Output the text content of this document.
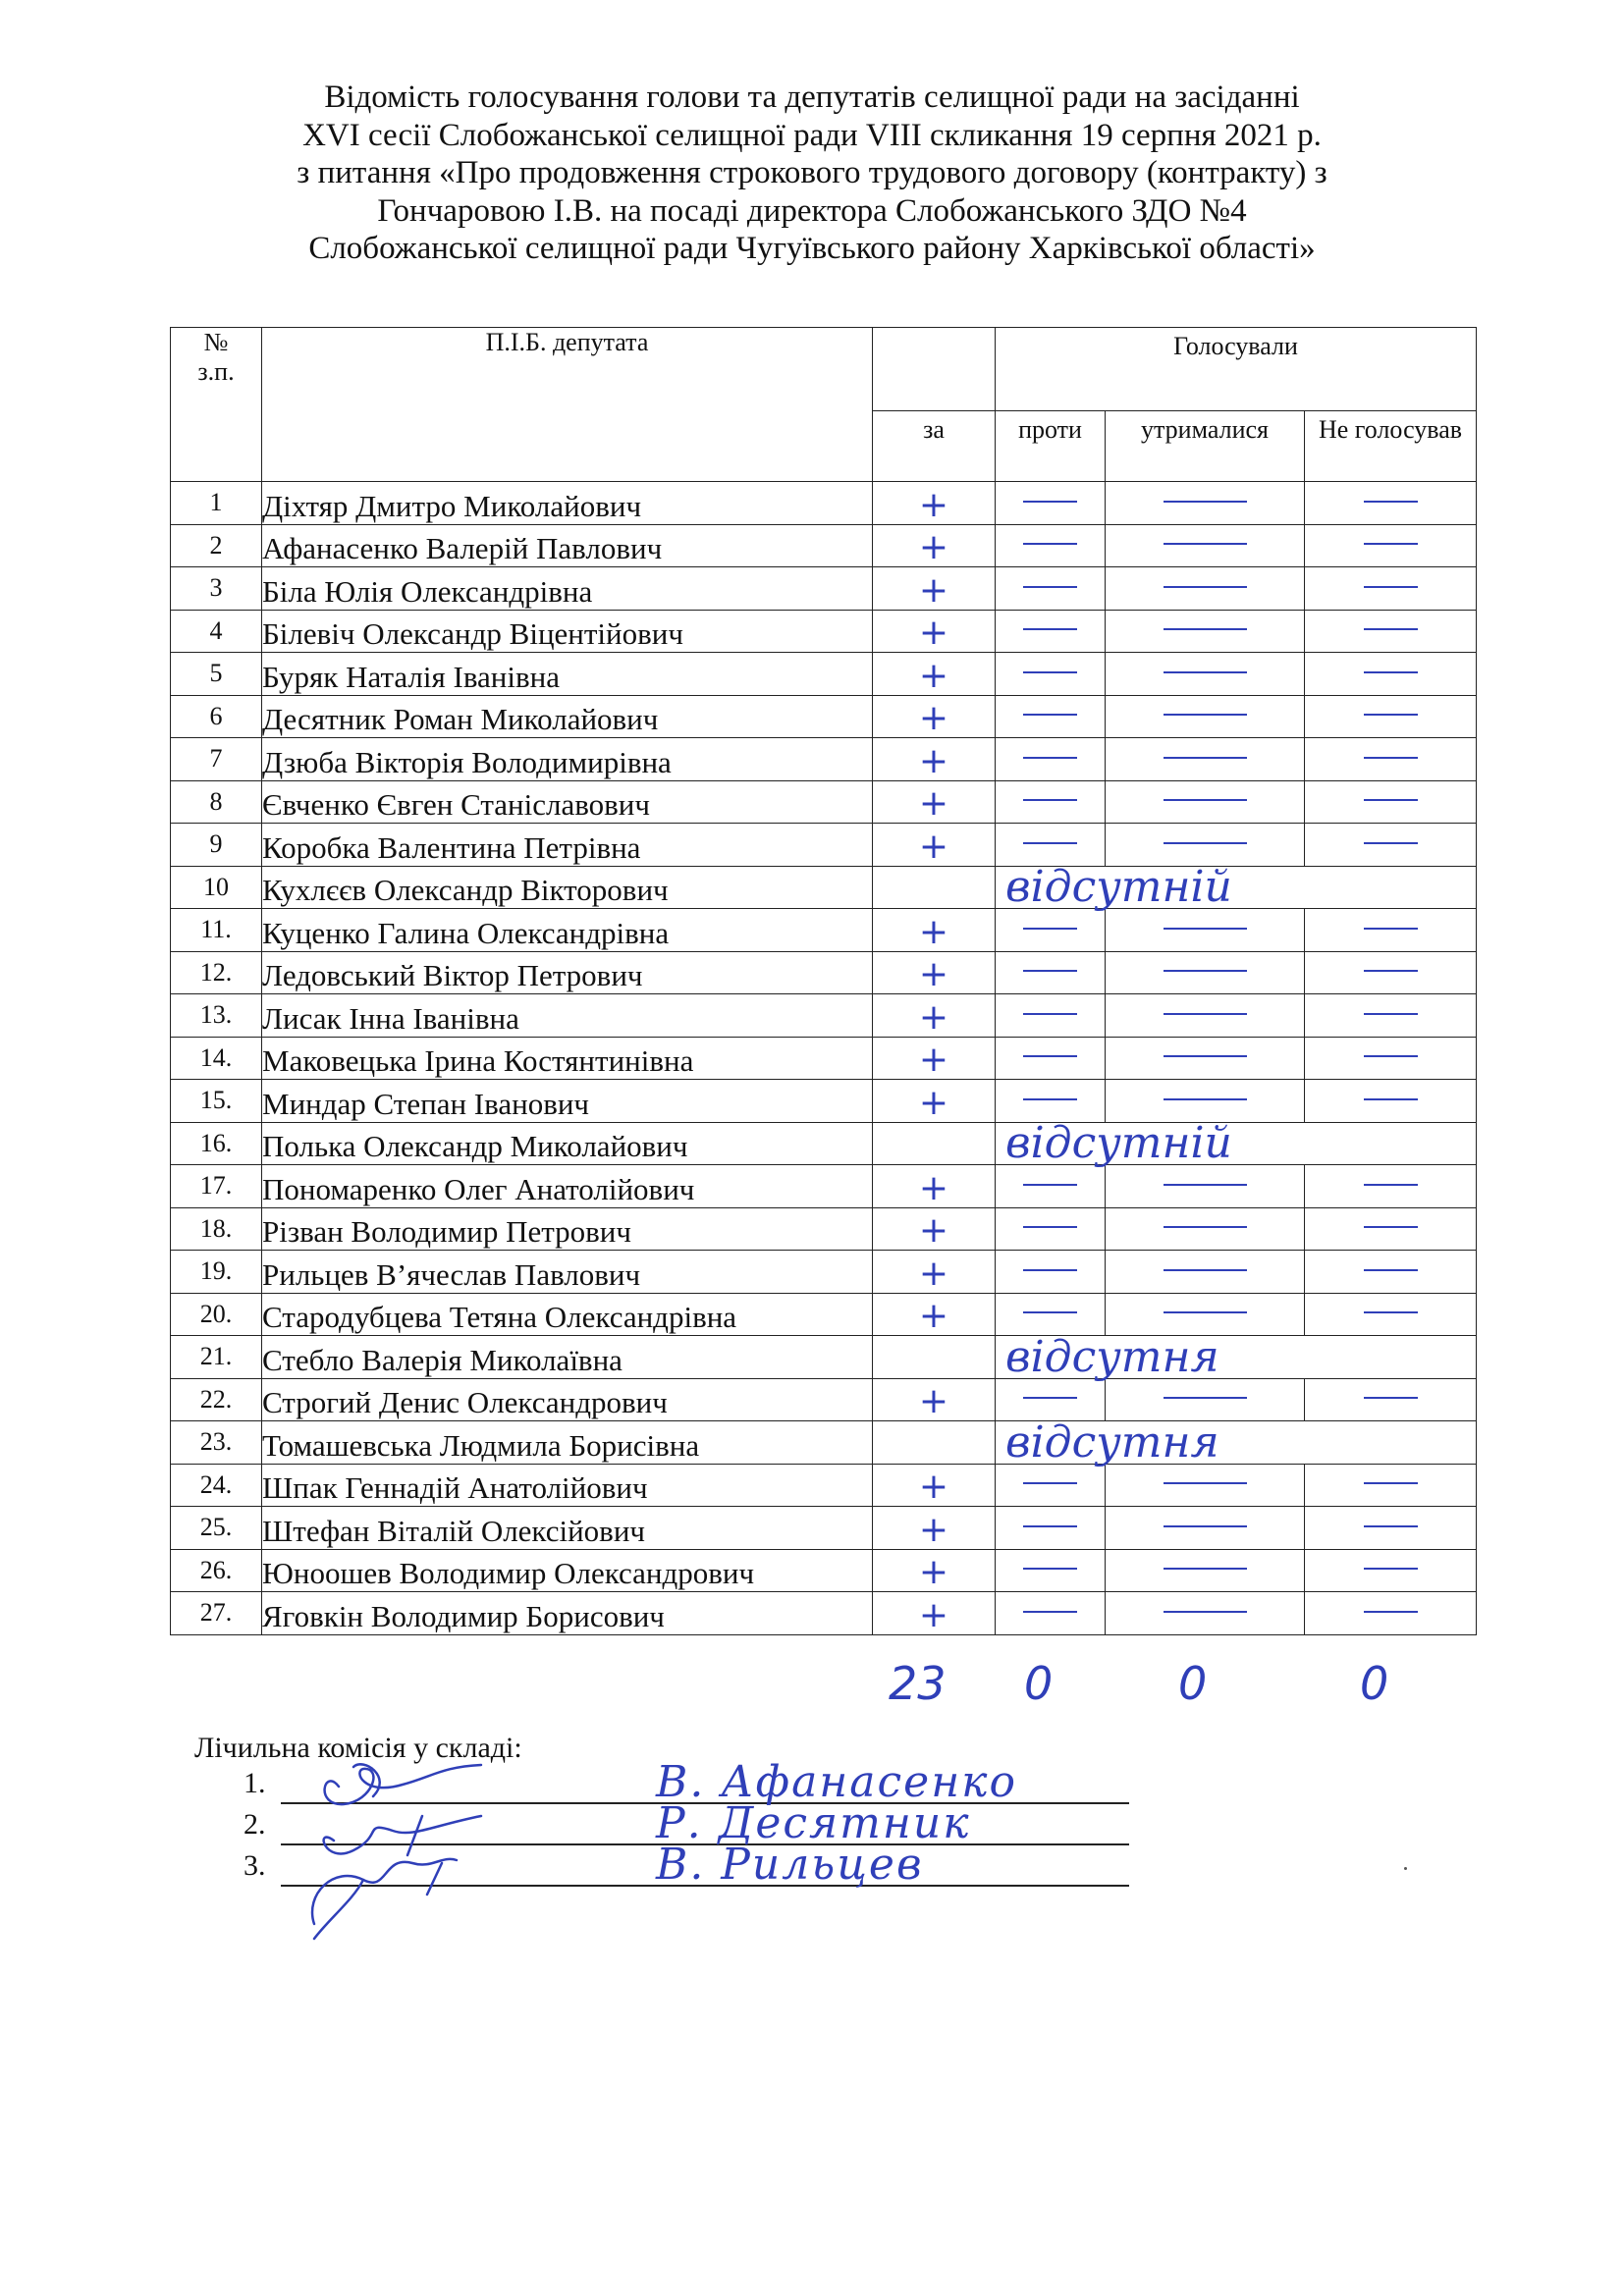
Відомість голосування голови та депутатів селищної ради на засіданні
XVI сесії Слобожанської селищної ради VIII скликання 19 серпня 2021 р.
з питання «Про продовження строкового трудового договору (контракту) з
Гончаровою І.В. на посаді директора Слобожанського ЗДО №4
Слобожанської селищної ради Чугуївського району Харківської області»
№ з.п.	П.І.Б. депутата		Голосували		
		за	проти	утрималися	Не голосував
1	Діхтяр Дмитро Миколайович	+			
2	Афанасенко Валерій Павлович	+			
3	Біла Юлія Олександрівна	+			
4	Білевіч Олександр Віцентійович	+			
5	Буряк Наталія Іванівна	+			
6	Десятник Роман Миколайович	+			
7	Дзюба Вікторія Володимирівна	+			
8	Євченко Євген Станіславович	+			
9	Коробка Валентина Петрівна	+			
10	Кухлєєв Олександр Вікторович		відсутній		

11.	Куценко Галина Олександрівна	+			
12.	Ледовський Віктор Петрович	+			
13.	Лисак Інна Іванівна	+			
14.	Маковецька Ірина Костянтинівна	+			
15.	Миндар Степан Іванович	+			
16.	Полька Олександр Миколайович		відсутній		

17.	Пономаренко Олег Анатолійович	+			
18.	Різван Володимир Петрович	+			
19.	Рильцев В’ячеслав Павлович	+			
20.	Стародубцева Тетяна Олександрівна	+			
21.	Стебло Валерія Миколаївна		відсутня		

22.	Строгий Денис Олександрович	+			
23.	Томашевська Людмила Борисівна		відсутня		

24.	Шпак Геннадій Анатолійович	+			
25.	Штефан Віталій Олексійович	+			
26.	Юноошев Володимир Олександрович	+			
27.	Яговкін Володимир Борисович	+			
23 0	0	0
Лічильна комісія у складі:
1.	В. Афанасенко
2.	Р. Десятник
3.	В. Рильцев
